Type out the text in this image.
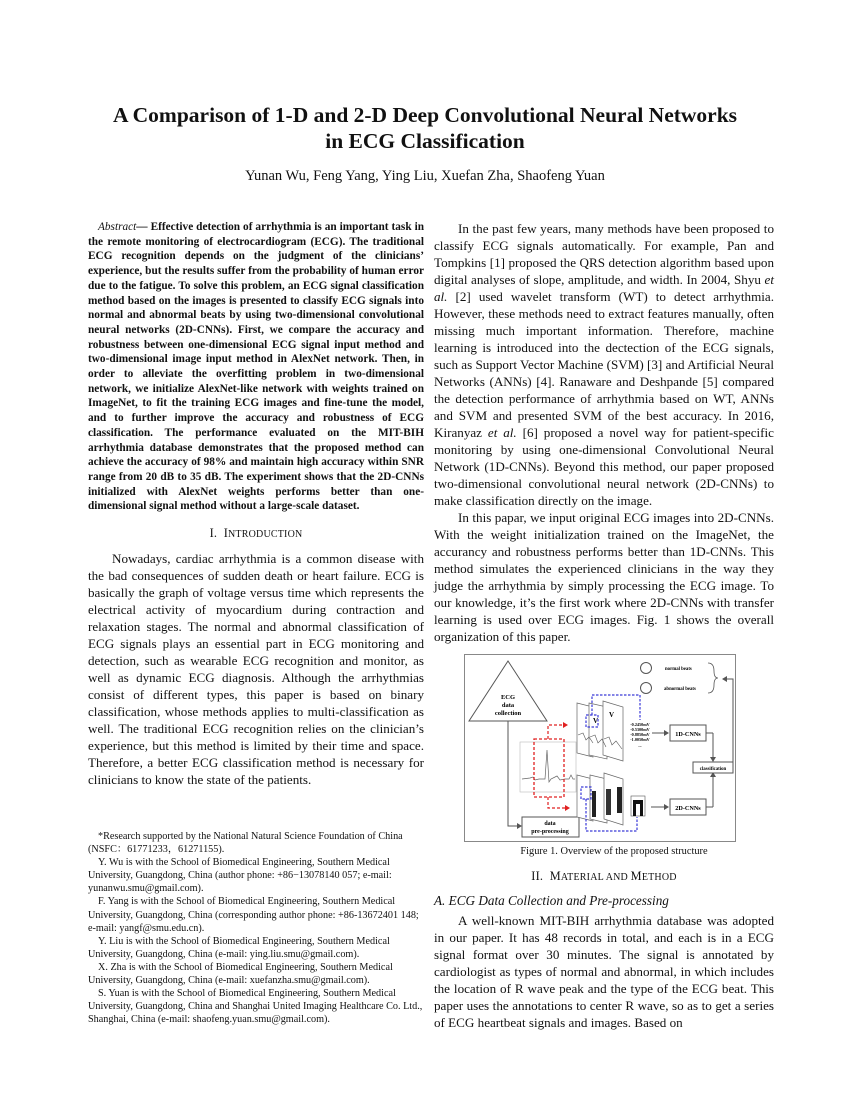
A Comparison of 1-D and 2-D Deep Convolutional Neural Networks
in ECG Classification
Yunan Wu, Feng Yang, Ying Liu, Xuefan Zha, Shaofeng Yuan

Abstract— Effective detection of arrhythmia is an important task in the remote monitoring of electrocardiogram (ECG). The traditional ECG recognition depends on the judgment of the clinicians’ experience, but the results suffer from the probability of human error due to the fatigue. To solve this problem, an ECG signal classification method based on the images is presented to classify ECG signals into normal and abnormal beats by using two-dimensional convolutional neural networks (2D-CNNs). First, we compare the accuracy and robustness between one-dimensional ECG signal input method and two-dimensional image input method in AlexNet network. Then, in order to alleviate the overfitting problem in two-dimensional network, we initialize AlexNet-like network with weights trained on ImageNet, to fit the training ECG images and fine-tune the model, and to further improve the accuracy and robustness of ECG classification. The performance evaluated on the MIT-BIH arrhythmia database demonstrates that the proposed method can achieve the accuracy of 98% and maintain high accuracy within SNR range from 20 dB to 35 dB. The experiment shows that the 2D-CNNs initialized with AlexNet weights performs better than one-dimensional signal method without a large-scale dataset.

I. INTRODUCTION

Nowadays, cardiac arrhythmia is a common disease with the bad consequences of sudden death or heart failure. ECG is basically the graph of voltage versus time which represents the electrical activity of myocardium during contraction and relaxation stages. The normal and abnormal classification of ECG signals plays an essential part in ECG monitoring and detection, such as wearable ECG recognition and monitor, as well as dynamic ECG diagnosis. Although the arrhythmias consist of different types, this paper is based on binary classification, whose methods applies to multi-classification as well. The traditional ECG recognition relies on the clinician’s experience, but this method is limited by their time and space. Therefore, a better ECG classification method is necessary for clinicians to know the state of the patients.

*Research supported by the National Natural Science Foundation of China (NSFC：61771233，61271155).

Y. Wu is with the School of Biomedical Engineering, Southern Medical University, Guangdong, China (author phone: +86−13078140 057; e-mail: yunanwu.smu@gmail.com).

F. Yang is with the School of Biomedical Engineering, Southern Medical University, Guangdong, China (corresponding author phone: +86-13672401 148; e-mail: yangf@smu.edu.cn).

Y. Liu is with the School of Biomedical Engineering, Southern Medical University, Guangdong, China (e-mail: ying.liu.smu@gmail.com).

X. Zha is with the School of Biomedical Engineering, Southern Medical University, Guangdong, China (e-mail: xuefanzha.smu@gmail.com).

S. Yuan is with the School of Biomedical Engineering, Southern Medical University, Guangdong, China and Shanghai United Imaging Healthcare Co. Ltd., Shanghai, China (e-mail: shaofeng.yuan.smu@gmail.com).

In the past few years, many methods have been proposed to classify ECG signals automatically. For example, Pan and Tompkins [1] proposed the QRS detection algorithm based upon digital analyses of slope, amplitude, and width. In 2004, Shyu et al. [2] used wavelet transform (WT) to detect arrhythmia. However, these methods need to extract features manually, often missing much important information. Therefore, machine learning is introduced into the dectection of the ECG signals, such as Support Vector Machine (SVM) [3] and Artificial Neural Networks (ANNs) [4]. Ranaware and Deshpande [5] compared the detection performance of arrhythmia based on WT, ANNs and SVM and presented SVM of the best accuracy. In 2016, Kiranyaz et al. [6] proposed a novel way for patient-specific monitoring by using one-dimensional Convolutional Neural Network (1D-CNNs). Beyond this method, our paper proposed two-dimensional convolutional neural network (2D-CNNs) to make classification directly on the image.

In this papar, we input original ECG images into 2D-CNNs. With the weight initialization trained on the ImageNet, the accurancy and robustness performs better than 1D-CNNs. This method simulates the experienced clinicians in the way they judge the arrhythmia by simply processing the ECG image. To our knowledge, it’s the first work where 2D-CNNs with transfer learning is used over ECG images. Fig. 1 shows the overall organization of this paper.

ECG
data
collection
data
pre-processing
V
V
-0.2450mV
-0.5300mV
-0.8850mV
-1.0050mV
...
1D-CNNs
2D-CNNs
classification
normal beats
abnormal beats
Figure 1. Overview of the proposed structure
II. MATERIAL AND METHOD
A. ECG Data Collection and Pre-processing

A well-known MIT-BIH arrhythmia database was adopted in our paper. It has 48 records in total, and each is in a ECG signal format over 30 minutes. The signal is annotated by cardiologist as types of normal and abnormal, in which includes the location of R wave peak and the type of the ECG beat. This paper uses the annotations to center R wave, so as to get a series of ECG heartbeat signals and images. Based on
